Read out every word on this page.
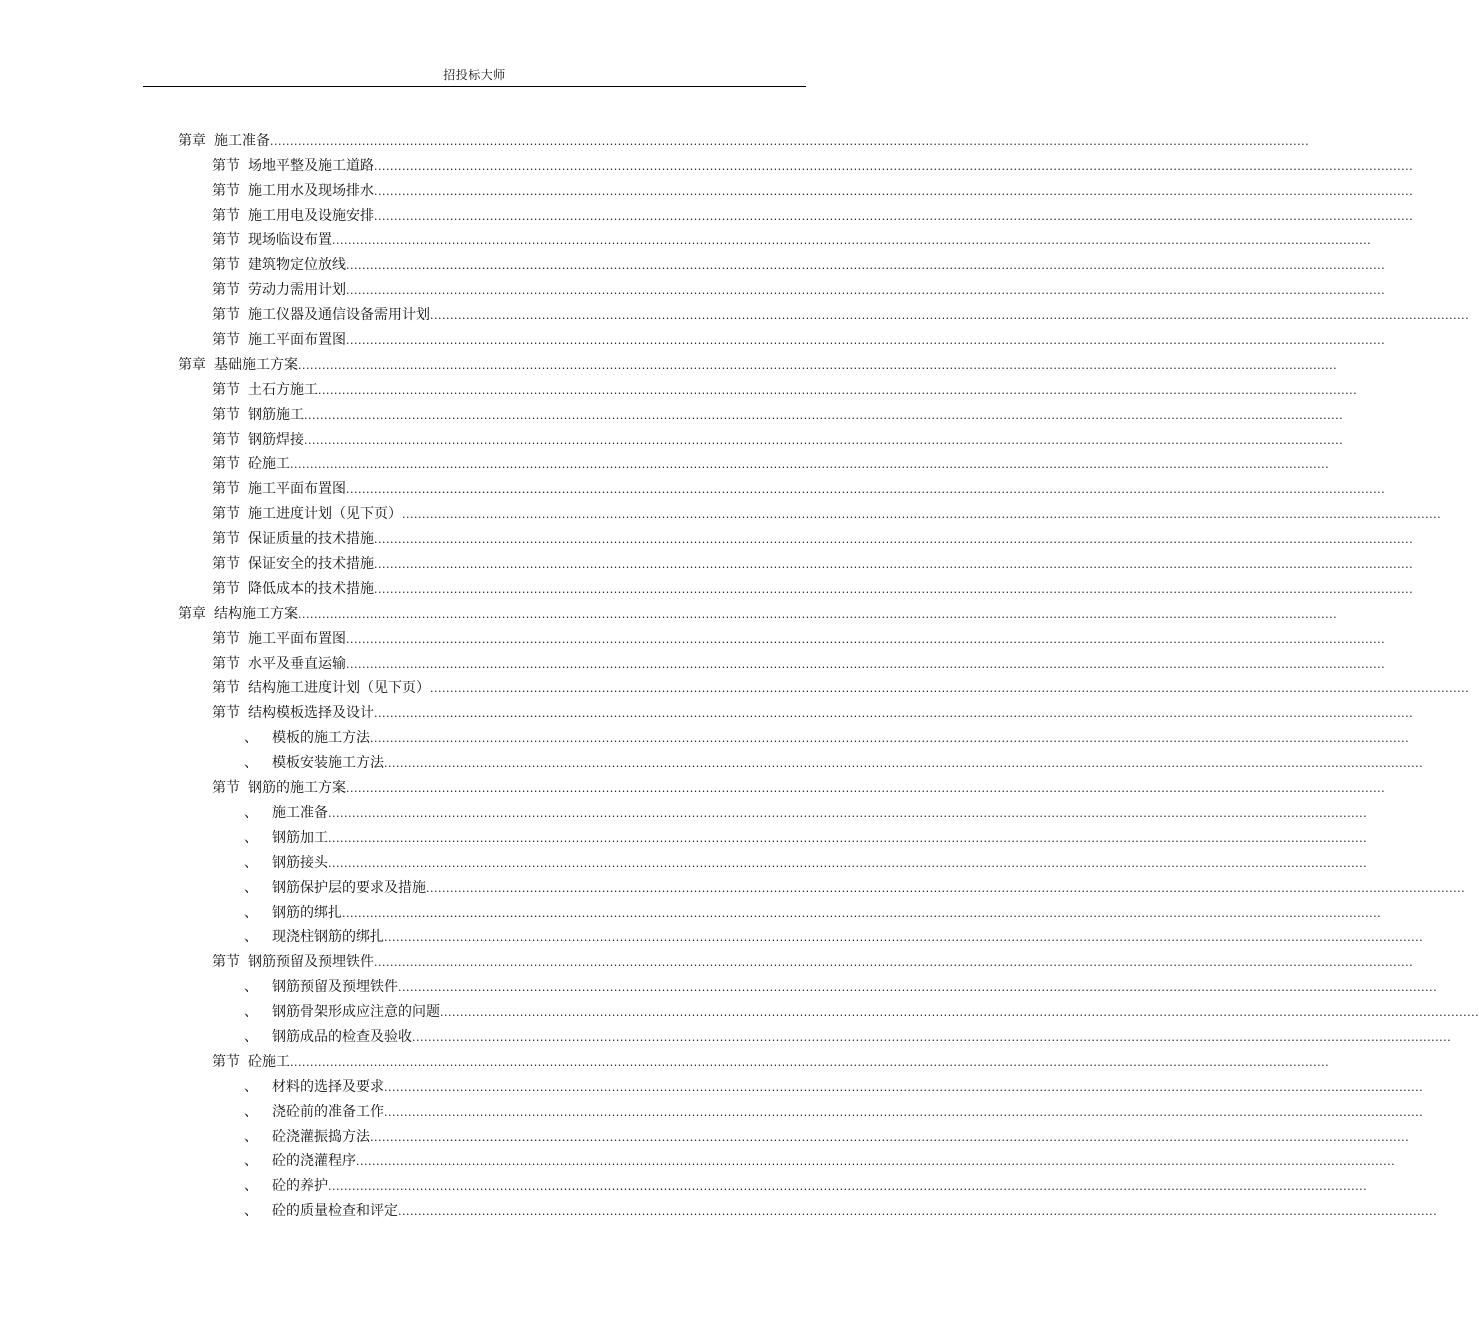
招投标大师
第章 施工准备 ....................................................................................................................................................................................................................................................................
第节 场地平整及施工道路 ....................................................................................................................................................................................................................................................................
第节 施工用水及现场排水 ....................................................................................................................................................................................................................................................................
第节 施工用电及设施安排 ....................................................................................................................................................................................................................................................................
第节 现场临设布置 ....................................................................................................................................................................................................................................................................
第节 建筑物定位放线 ....................................................................................................................................................................................................................................................................
第节 劳动力需用计划 ....................................................................................................................................................................................................................................................................
第节 施工仪器及通信设备需用计划 ....................................................................................................................................................................................................................................................................
第节 施工平面布置图 ....................................................................................................................................................................................................................................................................
第章 基础施工方案 ....................................................................................................................................................................................................................................................................
第节 土石方施工 ....................................................................................................................................................................................................................................................................
第节 钢筋施工 ....................................................................................................................................................................................................................................................................
第节 钢筋焊接 ....................................................................................................................................................................................................................................................................
第节 砼施工 ....................................................................................................................................................................................................................................................................
第节 施工平面布置图 ....................................................................................................................................................................................................................................................................
第节 施工进度计划（见下页） ....................................................................................................................................................................................................................................................................
第节 保证质量的技术措施 ....................................................................................................................................................................................................................................................................
第节 保证安全的技术措施 ....................................................................................................................................................................................................................................................................
第节 降低成本的技术措施 ....................................................................................................................................................................................................................................................................
第章 结构施工方案 ....................................................................................................................................................................................................................................................................
第节 施工平面布置图 ....................................................................................................................................................................................................................................................................
第节 水平及垂直运输 ....................................................................................................................................................................................................................................................................
第节 结构施工进度计划（见下页） ....................................................................................................................................................................................................................................................................
第节 结构模板选择及设计 ....................................................................................................................................................................................................................................................................
、	模板的施工方法 ....................................................................................................................................................................................................................................................................
、	模板安装施工方法 ....................................................................................................................................................................................................................................................................
第节 钢筋的施工方案 ....................................................................................................................................................................................................................................................................
、	施工准备 ....................................................................................................................................................................................................................................................................
、	钢筋加工 ....................................................................................................................................................................................................................................................................
、	钢筋接头 ....................................................................................................................................................................................................................................................................
、	钢筋保护层的要求及措施 ....................................................................................................................................................................................................................................................................
、	钢筋的绑扎 ....................................................................................................................................................................................................................................................................
、	现浇柱钢筋的绑扎 ....................................................................................................................................................................................................................................................................
第节 钢筋预留及预埋铁件 ....................................................................................................................................................................................................................................................................
、	钢筋预留及预埋铁件 ....................................................................................................................................................................................................................................................................
、	钢筋骨架形成应注意的问题 ....................................................................................................................................................................................................................................................................
、	钢筋成品的检查及验收 ....................................................................................................................................................................................................................................................................
第节 砼施工 ....................................................................................................................................................................................................................................................................
、	材料的选择及要求 ....................................................................................................................................................................................................................................................................
、	浇砼前的准备工作 ....................................................................................................................................................................................................................................................................
、	砼浇灌振捣方法 ....................................................................................................................................................................................................................................................................
、	砼的浇灌程序 ....................................................................................................................................................................................................................................................................
、	砼的养护 ....................................................................................................................................................................................................................................................................
、	砼的质量检查和评定 ....................................................................................................................................................................................................................................................................
